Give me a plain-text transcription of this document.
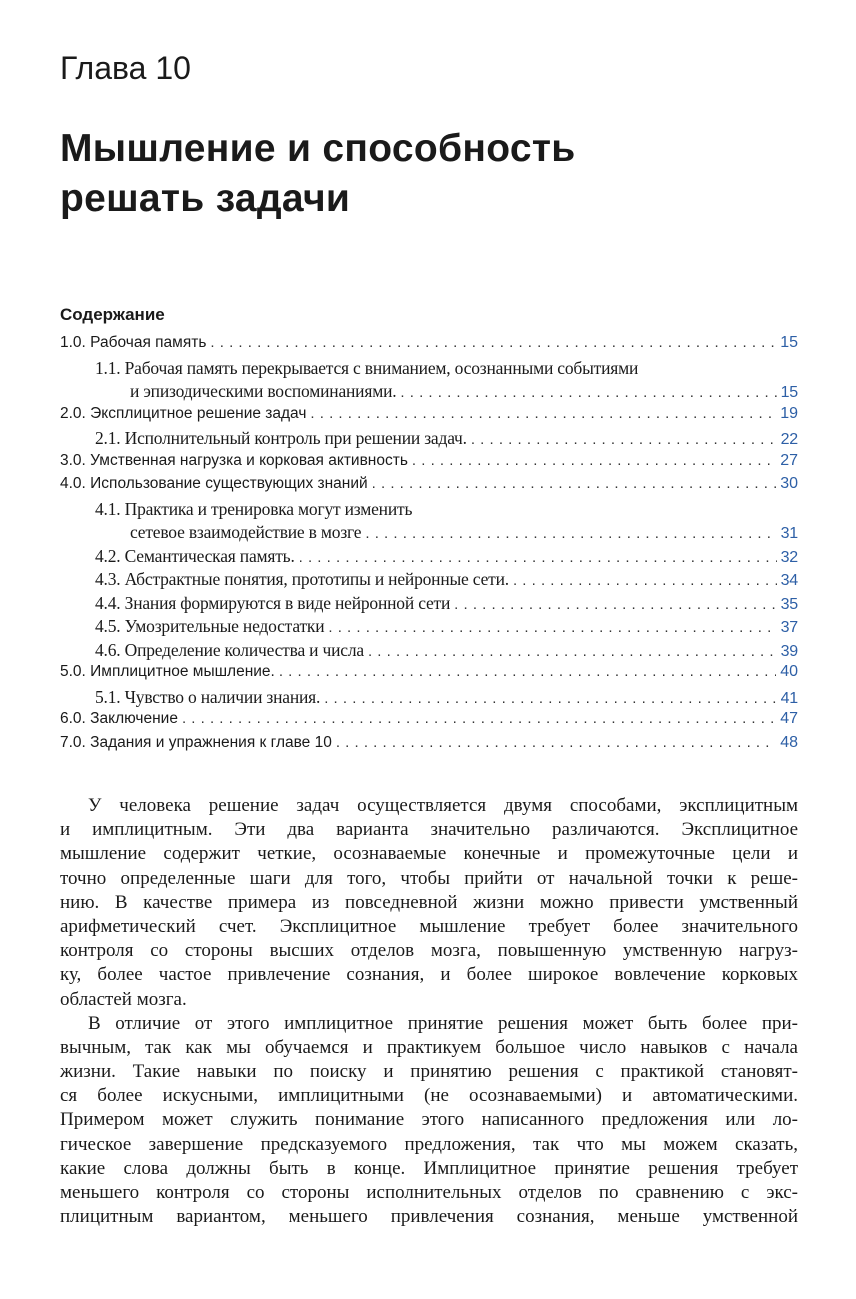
Глава 10
Мышление и способность
решать задачи
Содержание
1.0. Рабочая память . . .	15
1.1. Рабочая память перекрывается с вниманием, осознанными событиями
и эпизодическими воспоминаниями. . . .	15
2.0. Эксплицитное решение задач . . .	19
2.1. Исполнительный контроль при решении задач. . . .	22
3.0. Умственная нагрузка и корковая активность . . .	27
4.0. Использование существующих знаний . . .	30
4.1. Практика и тренировка могут изменить
сетевое взаимодействие в мозге . . .	31
4.2. Семантическая память. . . .	32
4.3. Абстрактные понятия, прототипы и нейронные сети. . . .	34
4.4. Знания формируются в виде нейронной сети . . .	35
4.5. Умозрительные недостатки . . .	37
4.6. Определение количества и числа . . .	39
5.0. Имплицитное мышление. . . .	40
5.1. Чувство о наличии знания. . . .	41
6.0. Заключение . . .	47
7.0. Задания и упражнения к главе 10 . . .	48
У человека решение задач осуществляется двумя способами, эксплицитным
и имплицитным. Эти два варианта значительно различаются. Эксплицитное
мышление содержит четкие, осознаваемые конечные и промежуточные цели и
точно определенные шаги для того, чтобы прийти от начальной точки к реше-
нию. В качестве примера из повседневной жизни можно привести умственный
арифметический счет. Эксплицитное мышление требует более значительного
контроля со стороны высших отделов мозга, повышенную умственную нагруз-
ку, более частое привлечение сознания, и более широкое вовлечение корковых
областей мозга.
В отличие от этого имплицитное принятие решения может быть более при-
вычным, так как мы обучаемся и практикуем большое число навыков с начала
жизни. Такие навыки по поиску и принятию решения с практикой становят-
ся более искусными, имплицитными (не осознаваемыми) и автоматическими.
Примером может служить понимание этого написанного предложения или ло-
гическое завершение предсказуемого предложения, так что мы можем сказать,
какие слова должны быть в конце. Имплицитное принятие решения требует
меньшего контроля со стороны исполнительных отделов по сравнению с экс-
плицитным вариантом, меньшего привлечения сознания, меньше умственной
